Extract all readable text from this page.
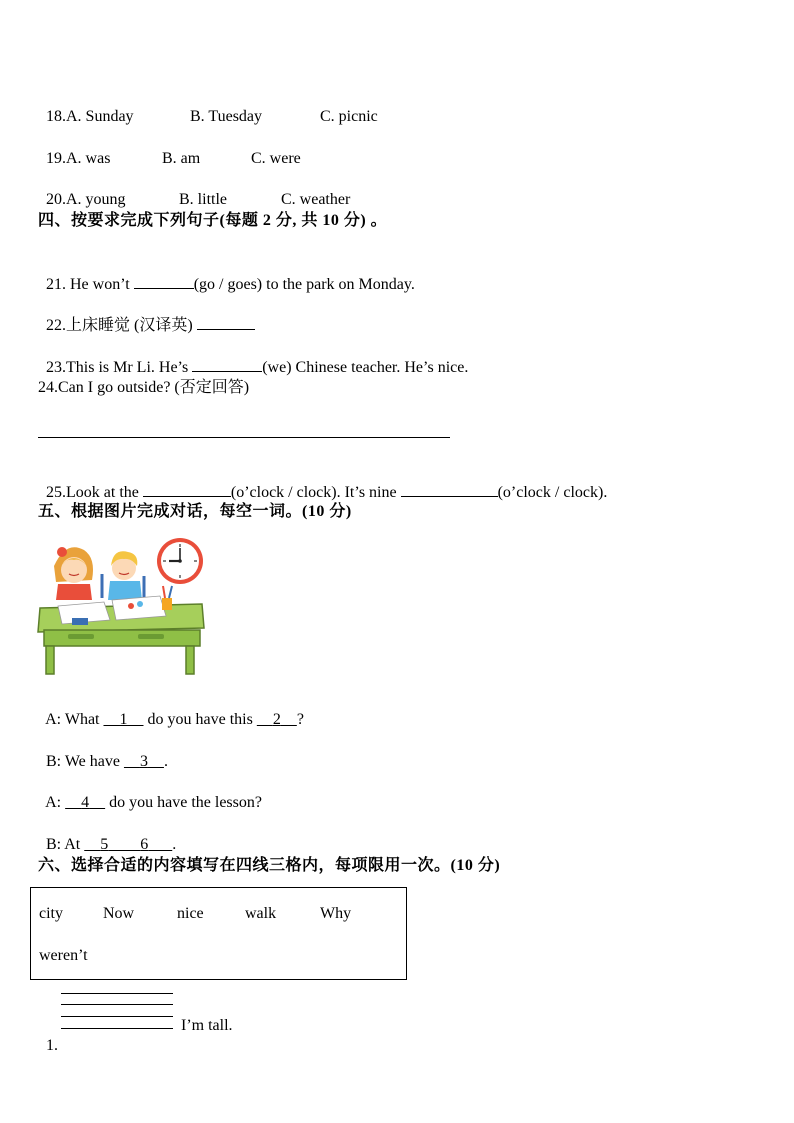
18.A. Sunday	B. Tuesday	C. picnic

19.A. was	B. am	C. were

20.A. young	B. little	C. weather

四、按要求完成下列句子(每题 2 分, 共 10 分) 。

21. He won’t	(go / goes) to the park on Monday.

22.上床睡觉 (汉译英)

23.This is Mr Li. He’s	(we) Chinese teacher. He’s nice.

24.Can I go outside? (否定回答)

25.Look at the	(o’clock / clock). It’s nine	(o’clock / clock).

五、根据图片完成对话，每空一词。(10 分)

A: What     1     do you have this     2 ?

B: We have     3 .

A:     4     do you have the lesson?

B: At     5 6 .

六、选择合适的内容填写在四线三格内，每项限用一次。(10 分)
city	Now	nice	walk	Why
weren’t

1.

I’m tall.
